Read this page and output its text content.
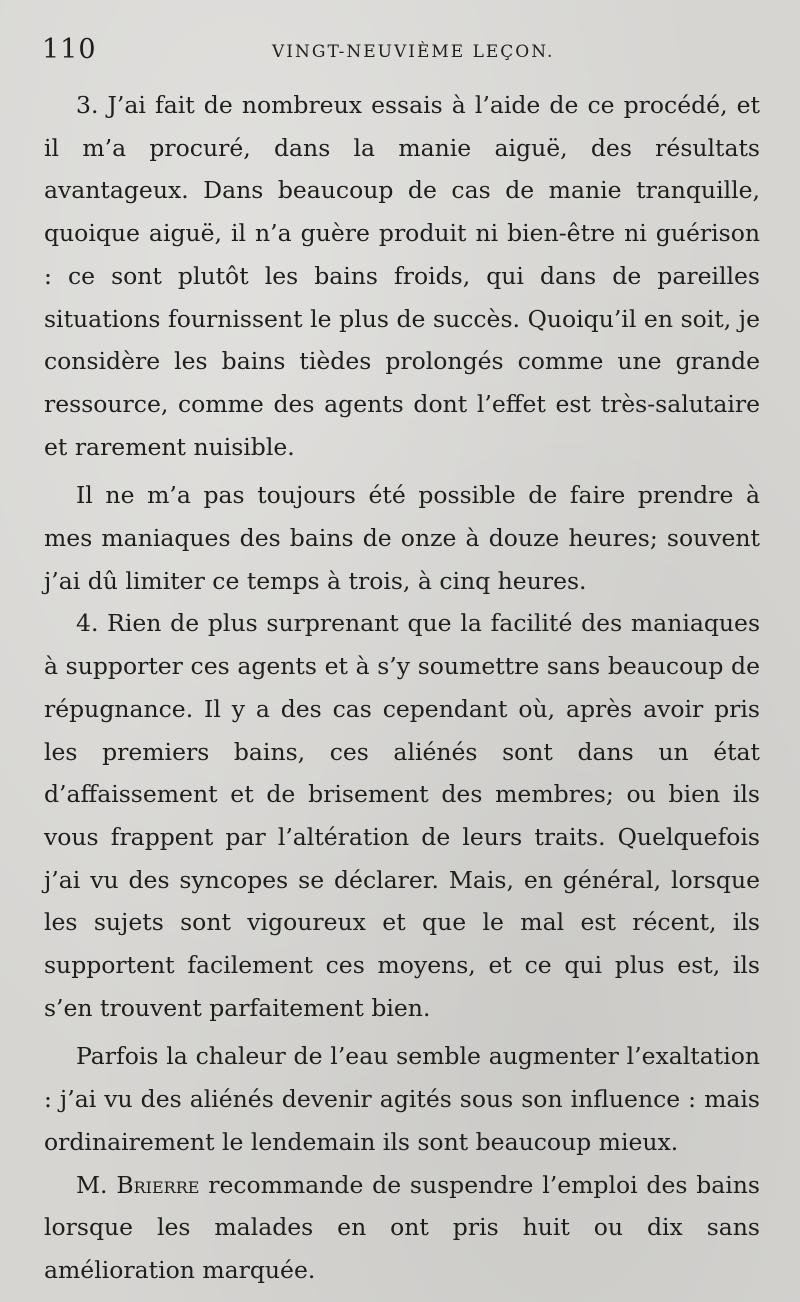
110	VINGT-NEUVIÈME LEÇON.

3. J’ai fait de nombreux essais à l’aide de ce procédé, et il m’a procuré, dans la manie aiguë, des résultats avantageux. Dans beaucoup de cas de manie tranquille, quoique aiguë, il n’a guère produit ni bien-être ni guérison : ce sont plutôt les bains froids, qui dans de pareilles situations fournissent le plus de succès. Quoiqu’il en soit, je considère les bains tièdes prolongés comme une grande ressource, comme des agents dont l’effet est très-salutaire et rarement nuisible.

Il ne m’a pas toujours été possible de faire prendre à mes maniaques des bains de onze à douze heures; souvent j’ai dû limiter ce temps à trois, à cinq heures.

4. Rien de plus surprenant que la facilité des maniaques à supporter ces agents et à s’y soumettre sans beaucoup de répugnance. Il y a des cas cependant où, après avoir pris les premiers bains, ces aliénés sont dans un état d’affaissement et de brisement des membres; ou bien ils vous frappent par l’altération de leurs traits. Quelquefois j’ai vu des syncopes se déclarer. Mais, en général, lorsque les sujets sont vigoureux et que le mal est récent, ils supportent facilement ces moyens, et ce qui plus est, ils s’en trouvent parfaitement bien.

Parfois la chaleur de l’eau semble augmenter l’exaltation : j’ai vu des aliénés devenir agités sous son influence : mais ordinairement le lendemain ils sont beaucoup mieux.

M. Brierre recommande de suspendre l’emploi des bains lorsque les malades en ont pris huit ou dix sans amélioration marquée.
